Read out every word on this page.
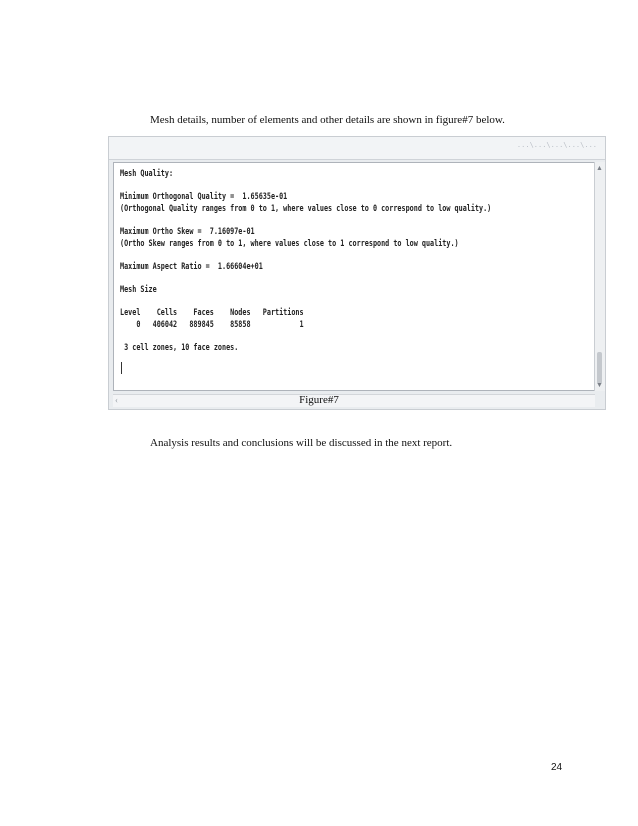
Mesh details, number of elements and other details are shown in figure#7 below.

...\...\...\...\...
Mesh Quality:

Minimum Orthogonal Quality =  1.65635e-01
(Orthogonal Quality ranges from 0 to 1, where values close to 0 correspond to low quality.)

Maximum Ortho Skew =  7.16097e-01
(Ortho Skew ranges from 0 to 1, where values close to 1 correspond to low quality.)

Maximum Aspect Ratio =  1.66604e+01

Mesh Size

Level    Cells    Faces    Nodes   Partitions
0   406042   889845    85858            1

3 cell zones, 10 face zones.
▲
▼
‹	Figure#7

Analysis results and conclusions will be discussed in the next report.

24
